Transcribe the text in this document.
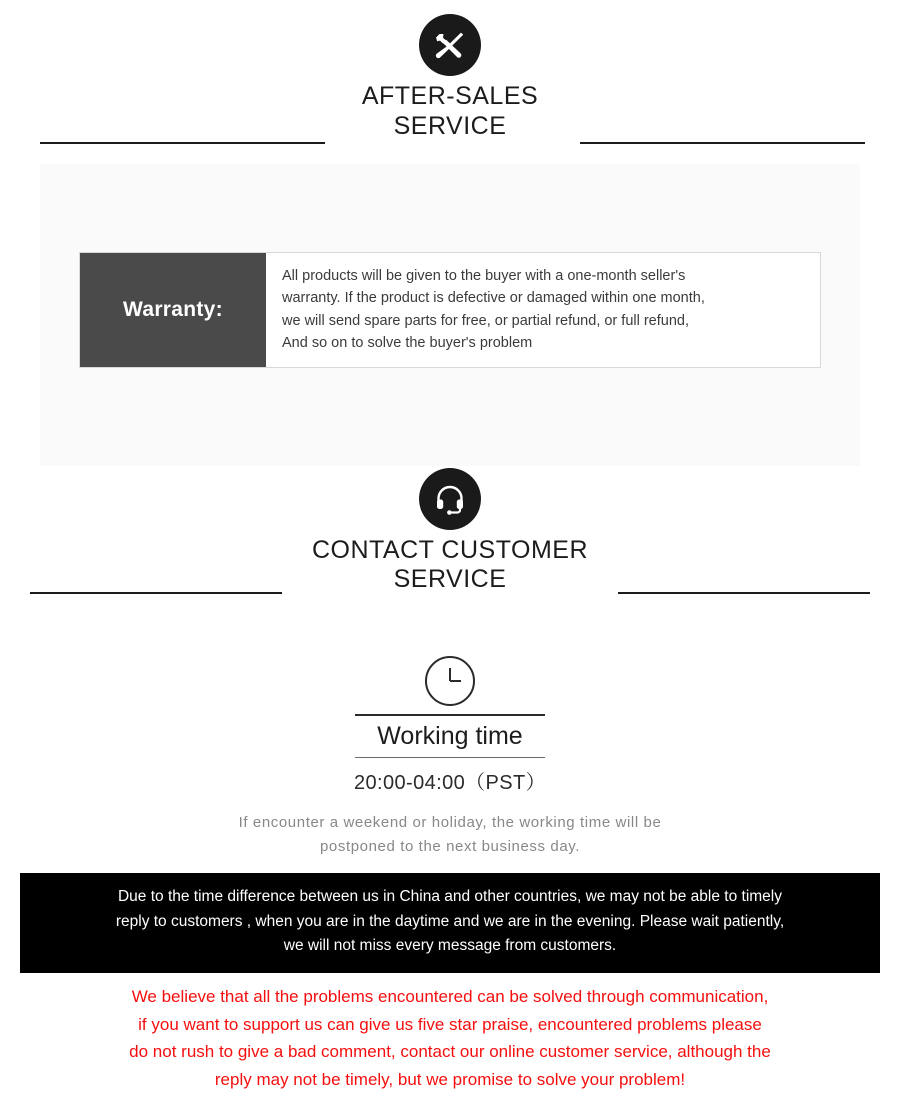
AFTER-SALES
SERVICE
Warranty:

All products will be given to the buyer with a one-month seller's

warranty. If the product is defective or damaged within one month,

we will send spare parts for free, or partial refund, or full refund,

And so on to solve the buyer's problem

CONTACT CUSTOMER
SERVICE
Working time
20:00-04:00（PST）
If encounter a weekend or holiday, the working time will be
postponed to the next business day.

Due to the time difference between us in China and other countries, we may not be able to timely

reply to customers , when you are in the daytime and we are in the evening. Please wait patiently,

we will not miss every message from customers.

We believe that all the problems encountered can be solved through communication,

if you want to support us can give us five star praise, encountered problems please

do not rush to give a bad comment, contact our online customer service, although the

reply may not be timely, but we promise to solve your problem!
